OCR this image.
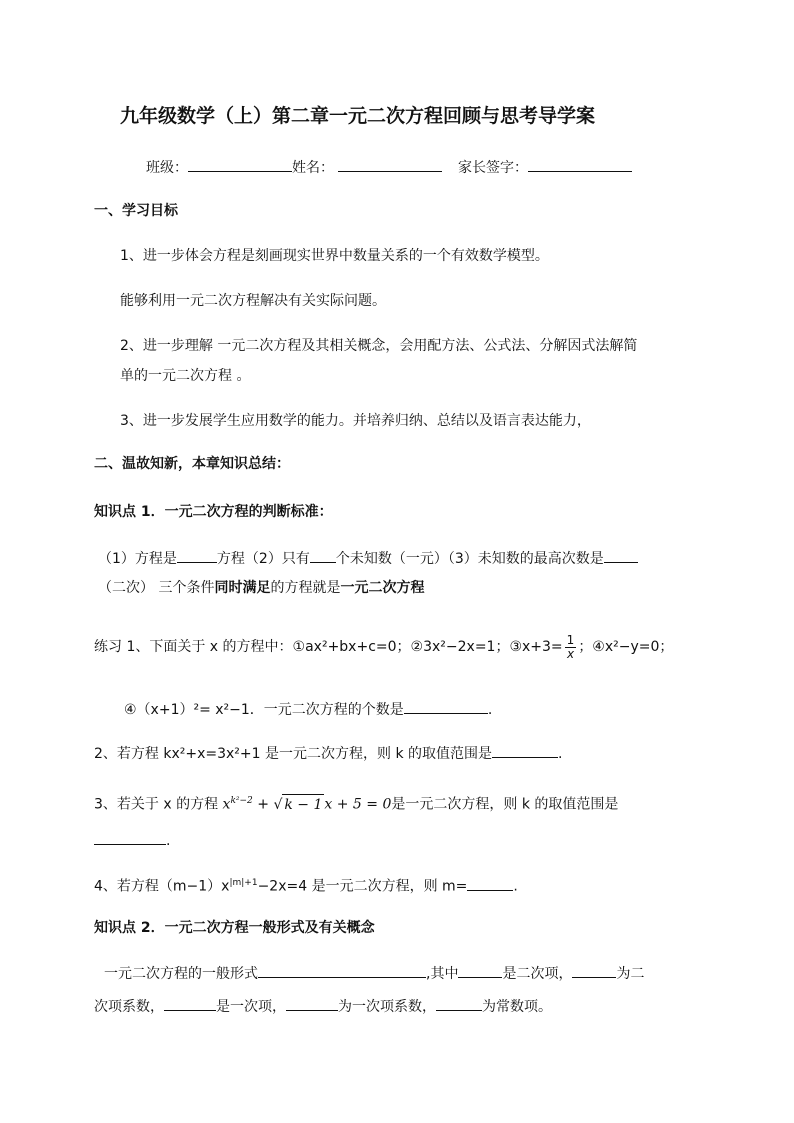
九年级数学（上）第二章一元二次方程回顾与思考导学案
班级：	姓名：	家长签字：
一、学习目标
1、进一步体会方程是刻画现实世界中数量关系的一个有效数学模型。
能够利用一元二次方程解决有关实际问题。
2、进一步理解 一元二次方程及其相关概念，会用配方法、公式法、分解因式法解简
单的一元二次方程 。
3、进一步发展学生应用数学的能力。并培养归纳、总结以及语言表达能力，
二、温故知新，本章知识总结：
知识点 1．一元二次方程的判断标准：
（1）方程是	方程（2）只有 个未知数（一元）（3）未知数的最高次数是
（二次） 三个条件同时满足的方程就是一元二次方程
练习 1、下面关于 x 的方程中：①ax²+bx+c=0；②3x²−2x=1；③x+3= $\frac{1}{x}$ ；④x²−y=0；
④（x+1）²= x²−1．一元二次方程的个数是	.
2、若方程 kx²+x=3x²+1 是一元二次方程，则 k 的取值范围是	.
3、若关于 x 的方程 $x^{k^2-2}$ + √ k − 1 x + 5 = 0是一元二次方程，则 k 的取值范围是
.
4、若方程$(m-1)x^{|m|+1}-2x=4$ 是一元二次方程，则 m=	.
知识点 2．一元二次方程一般形式及有关概念
一元二次方程的一般形式	,其中	是二次项，	为二
次项系数，	是一次项，	为一次项系数，	为常数项。
